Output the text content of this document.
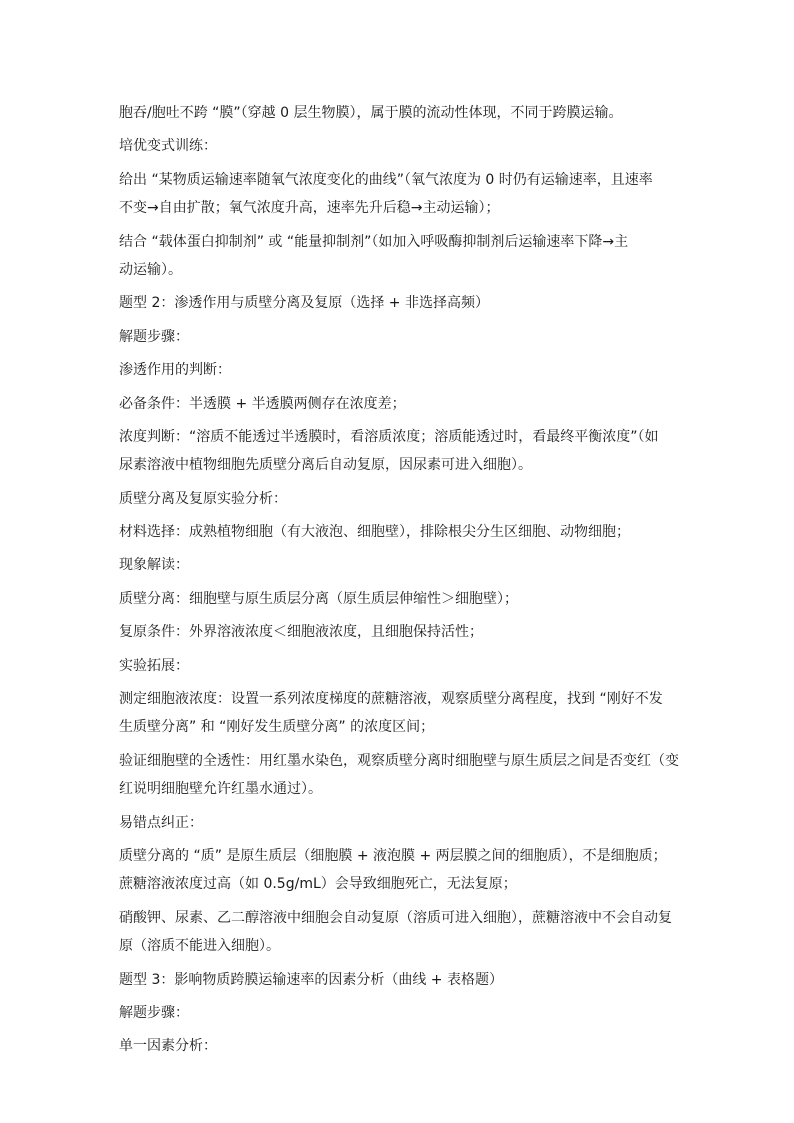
胞吞/胞吐不跨 “膜”（穿越 0 层生物膜），属于膜的流动性体现，不同于跨膜运输。
培优变式训练：
给出 “某物质运输速率随氧气浓度变化的曲线”（氧气浓度为 0 时仍有运输速率，且速率
不变→自由扩散；氧气浓度升高，速率先升后稳→主动运输）；
结合 “载体蛋白抑制剂” 或 “能量抑制剂”（如加入呼吸酶抑制剂后运输速率下降→主
动运输）。
题型 2：渗透作用与质壁分离及复原（选择 + 非选择高频）
解题步骤：
渗透作用的判断：
必备条件：半透膜 + 半透膜两侧存在浓度差；
浓度判断：“溶质不能透过半透膜时，看溶质浓度；溶质能透过时，看最终平衡浓度”（如
尿素溶液中植物细胞先质壁分离后自动复原，因尿素可进入细胞）。
质壁分离及复原实验分析：
材料选择：成熟植物细胞（有大液泡、细胞壁），排除根尖分生区细胞、动物细胞；
现象解读：
质壁分离：细胞壁与原生质层分离（原生质层伸缩性＞细胞壁）；
复原条件：外界溶液浓度＜细胞液浓度，且细胞保持活性；
实验拓展：
测定细胞液浓度：设置一系列浓度梯度的蔗糖溶液，观察质壁分离程度，找到 “刚好不发
生质壁分离” 和 “刚好发生质壁分离” 的浓度区间；
验证细胞壁的全透性：用红墨水染色，观察质壁分离时细胞壁与原生质层之间是否变红（变
红说明细胞壁允许红墨水通过）。
易错点纠正：
质壁分离的 “质” 是原生质层（细胞膜 + 液泡膜 + 两层膜之间的细胞质），不是细胞质；
蔗糖溶液浓度过高（如 0.5g/mL）会导致细胞死亡，无法复原；
硝酸钾、尿素、乙二醇溶液中细胞会自动复原（溶质可进入细胞），蔗糖溶液中不会自动复
原（溶质不能进入细胞）。
题型 3：影响物质跨膜运输速率的因素分析（曲线 + 表格题）
解题步骤：
单一因素分析：
